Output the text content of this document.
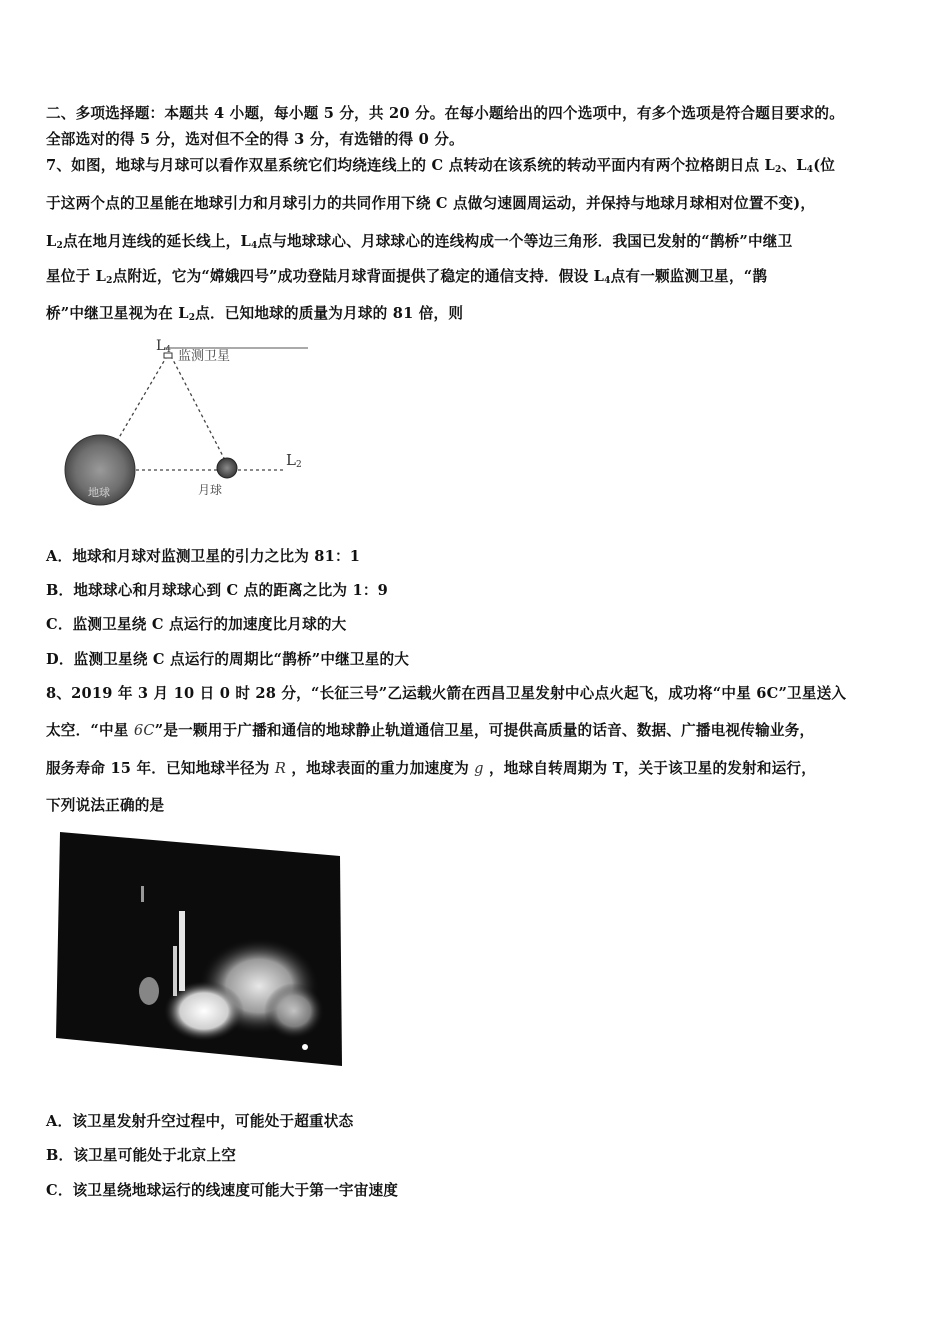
二、多项选择题：本题共 4 小题，每小题 5 分，共 20 分。在每小题给出的四个选项中，有多个选项是符合题目要求的。
全部选对的得 5 分，选对但不全的得 3 分，有选错的得 0 分。
7、如图，地球与月球可以看作双星系统它们均绕连线上的 C 点转动在该系统的转动平面内有两个拉格朗日点 $L_2$、$L_4$(位
于这两个点的卫星能在地球引力和月球引力的共同作用下绕 C 点做匀速圆周运动，并保持与地球月球相对位置不变)，
$L_2$点在地月连线的延长线上，$L_4$点与地球球心、月球球心的连线构成一个等边三角形．我国已发射的“鹊桥”中继卫
星位于 $L_2$点附近，它为“嫦娥四号”成功登陆月球背面提供了稳定的通信支持．假设 $L_4$点有一颗监测卫星，“鹊
桥”中继卫星视为在 $L_2$点．已知地球的质量为月球的 81 倍，则
L4 监测卫星
地球	月球
L2
A．地球和月球对监测卫星的引力之比为 81：1
B．地球球心和月球球心到 C 点的距离之比为 1：9
C．监测卫星绕 C 点运行的加速度比月球的大
D．监测卫星绕 C 点运行的周期比“鹊桥”中继卫星的大
8、2019 年 3 月 10 日 0 时 28 分，“长征三号”乙运载火箭在西昌卫星发射中心点火起飞，成功将“中星 6C”卫星送入
太空．“中星 6C”是一颗用于广播和通信的地球静止轨道通信卫星，可提供高质量的话音、数据、广播电视传输业务，
服务寿命 15 年．已知地球半径为 R ，地球表面的重力加速度为 g ，地球自转周期为 T，关于该卫星的发射和运行，
下列说法正确的是
A．该卫星发射升空过程中，可能处于超重状态
B．该卫星可能处于北京上空
C．该卫星绕地球运行的线速度可能大于第一宇宙速度
